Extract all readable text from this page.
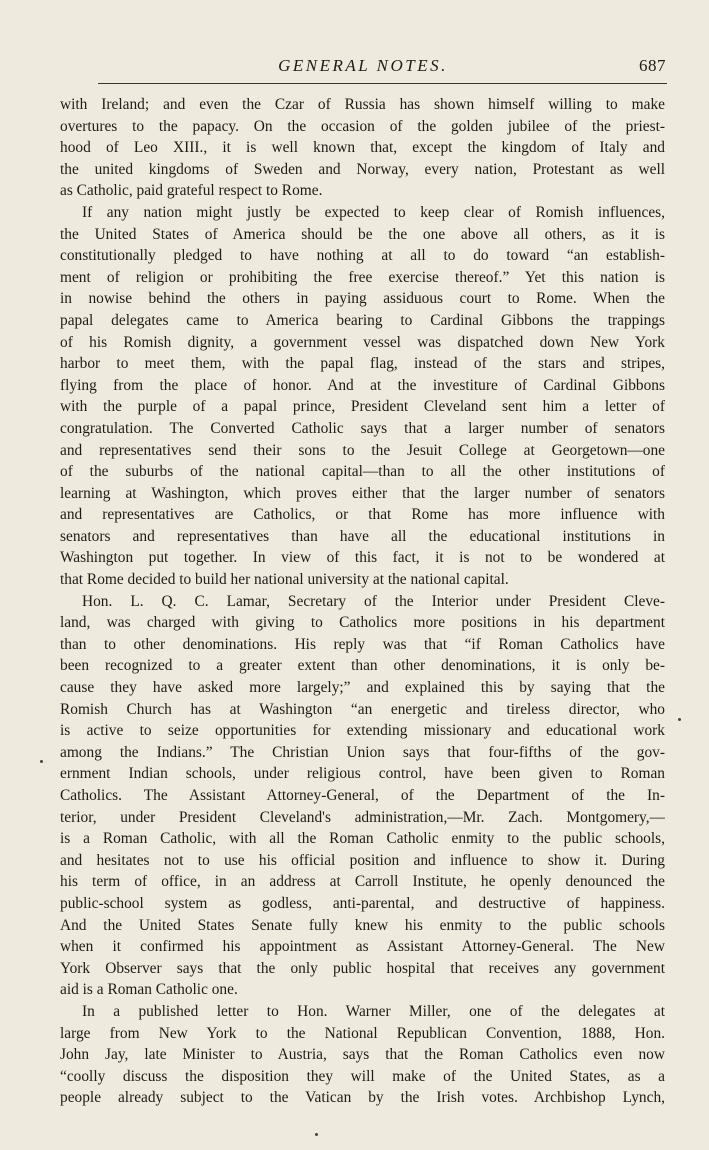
GENERAL NOTES.	687
with Ireland; and even the Czar of Russia has shown himself willing to make
overtures to the papacy. On the occasion of the golden jubilee of the priest-
hood of Leo XIII., it is well known that, except the kingdom of Italy and
the united kingdoms of Sweden and Norway, every nation, Protestant as well
as Catholic, paid grateful respect to Rome.
If any nation might justly be expected to keep clear of Romish influences,
the United States of America should be the one above all others, as it is
constitutionally pledged to have nothing at all to do toward “an establish-
ment of religion or prohibiting the free exercise thereof.” Yet this nation is
in nowise behind the others in paying assiduous court to Rome. When the
papal delegates came to America bearing to Cardinal Gibbons the trappings
of his Romish dignity, a government vessel was dispatched down New York
harbor to meet them, with the papal flag, instead of the stars and stripes,
flying from the place of honor. And at the investiture of Cardinal Gibbons
with the purple of a papal prince, President Cleveland sent him a letter of
congratulation. The Converted Catholic says that a larger number of senators
and representatives send their sons to the Jesuit College at Georgetown—one
of the suburbs of the national capital—than to all the other institutions of
learning at Washington, which proves either that the larger number of senators
and representatives are Catholics, or that Rome has more influence with
senators and representatives than have all the educational institutions in
Washington put together. In view of this fact, it is not to be wondered at
that Rome decided to build her national university at the national capital.
Hon. L. Q. C. Lamar, Secretary of the Interior under President Cleve-
land, was charged with giving to Catholics more positions in his department
than to other denominations. His reply was that “if Roman Catholics have
been recognized to a greater extent than other denominations, it is only be-
cause they have asked more largely;” and explained this by saying that the
Romish Church has at Washington “an energetic and tireless director, who
is active to seize opportunities for extending missionary and educational work
among the Indians.” The Christian Union says that four-fifths of the gov-
ernment Indian schools, under religious control, have been given to Roman
Catholics. The Assistant Attorney-General, of the Department of the In-
terior, under President Cleveland's administration,—Mr. Zach. Montgomery,—
is a Roman Catholic, with all the Roman Catholic enmity to the public schools,
and hesitates not to use his official position and influence to show it. During
his term of office, in an address at Carroll Institute, he openly denounced the
public-school system as godless, anti-parental, and destructive of happiness.
And the United States Senate fully knew his enmity to the public schools
when it confirmed his appointment as Assistant Attorney-General. The New
York Observer says that the only public hospital that receives any government
aid is a Roman Catholic one.
In a published letter to Hon. Warner Miller, one of the delegates at
large from New York to the National Republican Convention, 1888, Hon.
John Jay, late Minister to Austria, says that the Roman Catholics even now
“coolly discuss the disposition they will make of the United States, as a
people already subject to the Vatican by the Irish votes. Archbishop Lynch,
